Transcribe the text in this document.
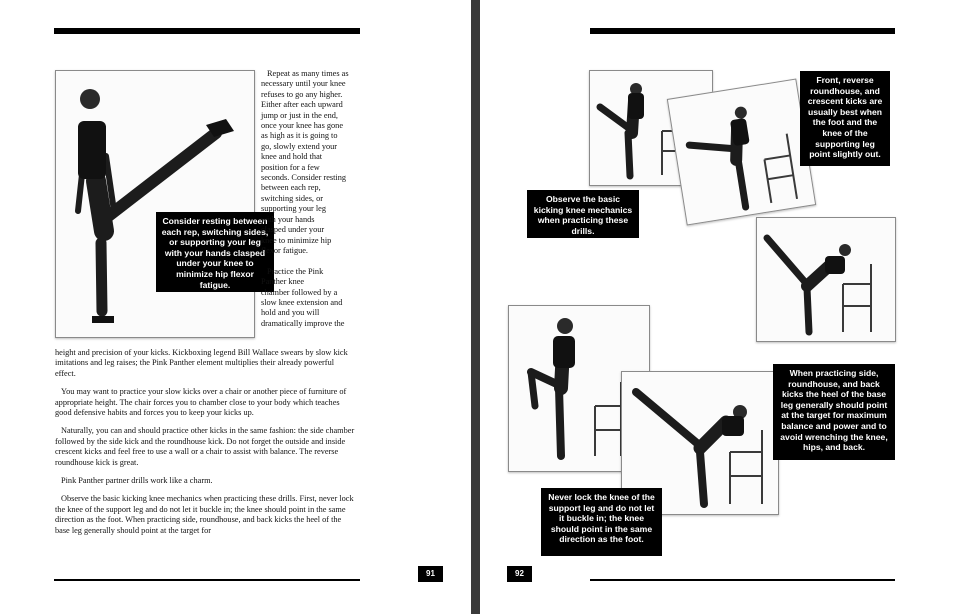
Consider resting between each rep, switching sides, or supporting your leg with your hands clasped under your knee to minimize hip flexor fatigue.
Repeat as many times as
necessary until your knee
refuses to go any higher.
Either after each upward
jump or just in the end,
once your knee has gone
as high as it is going to
go, slowly extend your
knee and hold that
position for a few
seconds. Consider resting
between each rep,
switching sides, or
supporting your leg
with your hands
clasped under your
knee to minimize hip
flexor fatigue.

Practice the Pink
Panther knee
chamber followed by a
slow knee extension and
hold and you will
dramatically improve the

height and precision of your kicks. Kickboxing legend Bill Wallace swears by slow kick imitations and leg raises; the Pink Panther element multiplies their already powerful effect.

You may want to practice your slow kicks over a chair or another piece of furniture of appropriate height. The chair forces you to chamber close to your body which teaches good defensive habits and forces you to keep your kicks up.

Naturally, you can and should practice other kicks in the same fashion: the side chamber followed by the side kick and the roundhouse kick. Do not forget the outside and inside crescent kicks and feel free to use a wall or a chair to assist with balance. The reverse roundhouse kick is great.

Pink Panther partner drills work like a charm.

Observe the basic kicking knee mechanics when practicing these drills. First, never lock the knee of the support leg and do not let it buckle in; the knee should point in the same direction as the foot. When practicing side, roundhouse, and back kicks the heel of the base leg generally should point at the target for

91
Front, reverse roundhouse, and crescent kicks are usually best when the foot and the knee of the supporting leg point slightly out.
Observe the basic kicking knee mechanics when practicing these drills.
When practicing side, roundhouse, and back kicks the heel of the base leg generally should point at the target for maximum balance and power and to avoid wrenching the knee, hips, and back.
Never lock the knee of the support leg and do not let it buckle in; the knee should point in the same direction as the foot.
92
